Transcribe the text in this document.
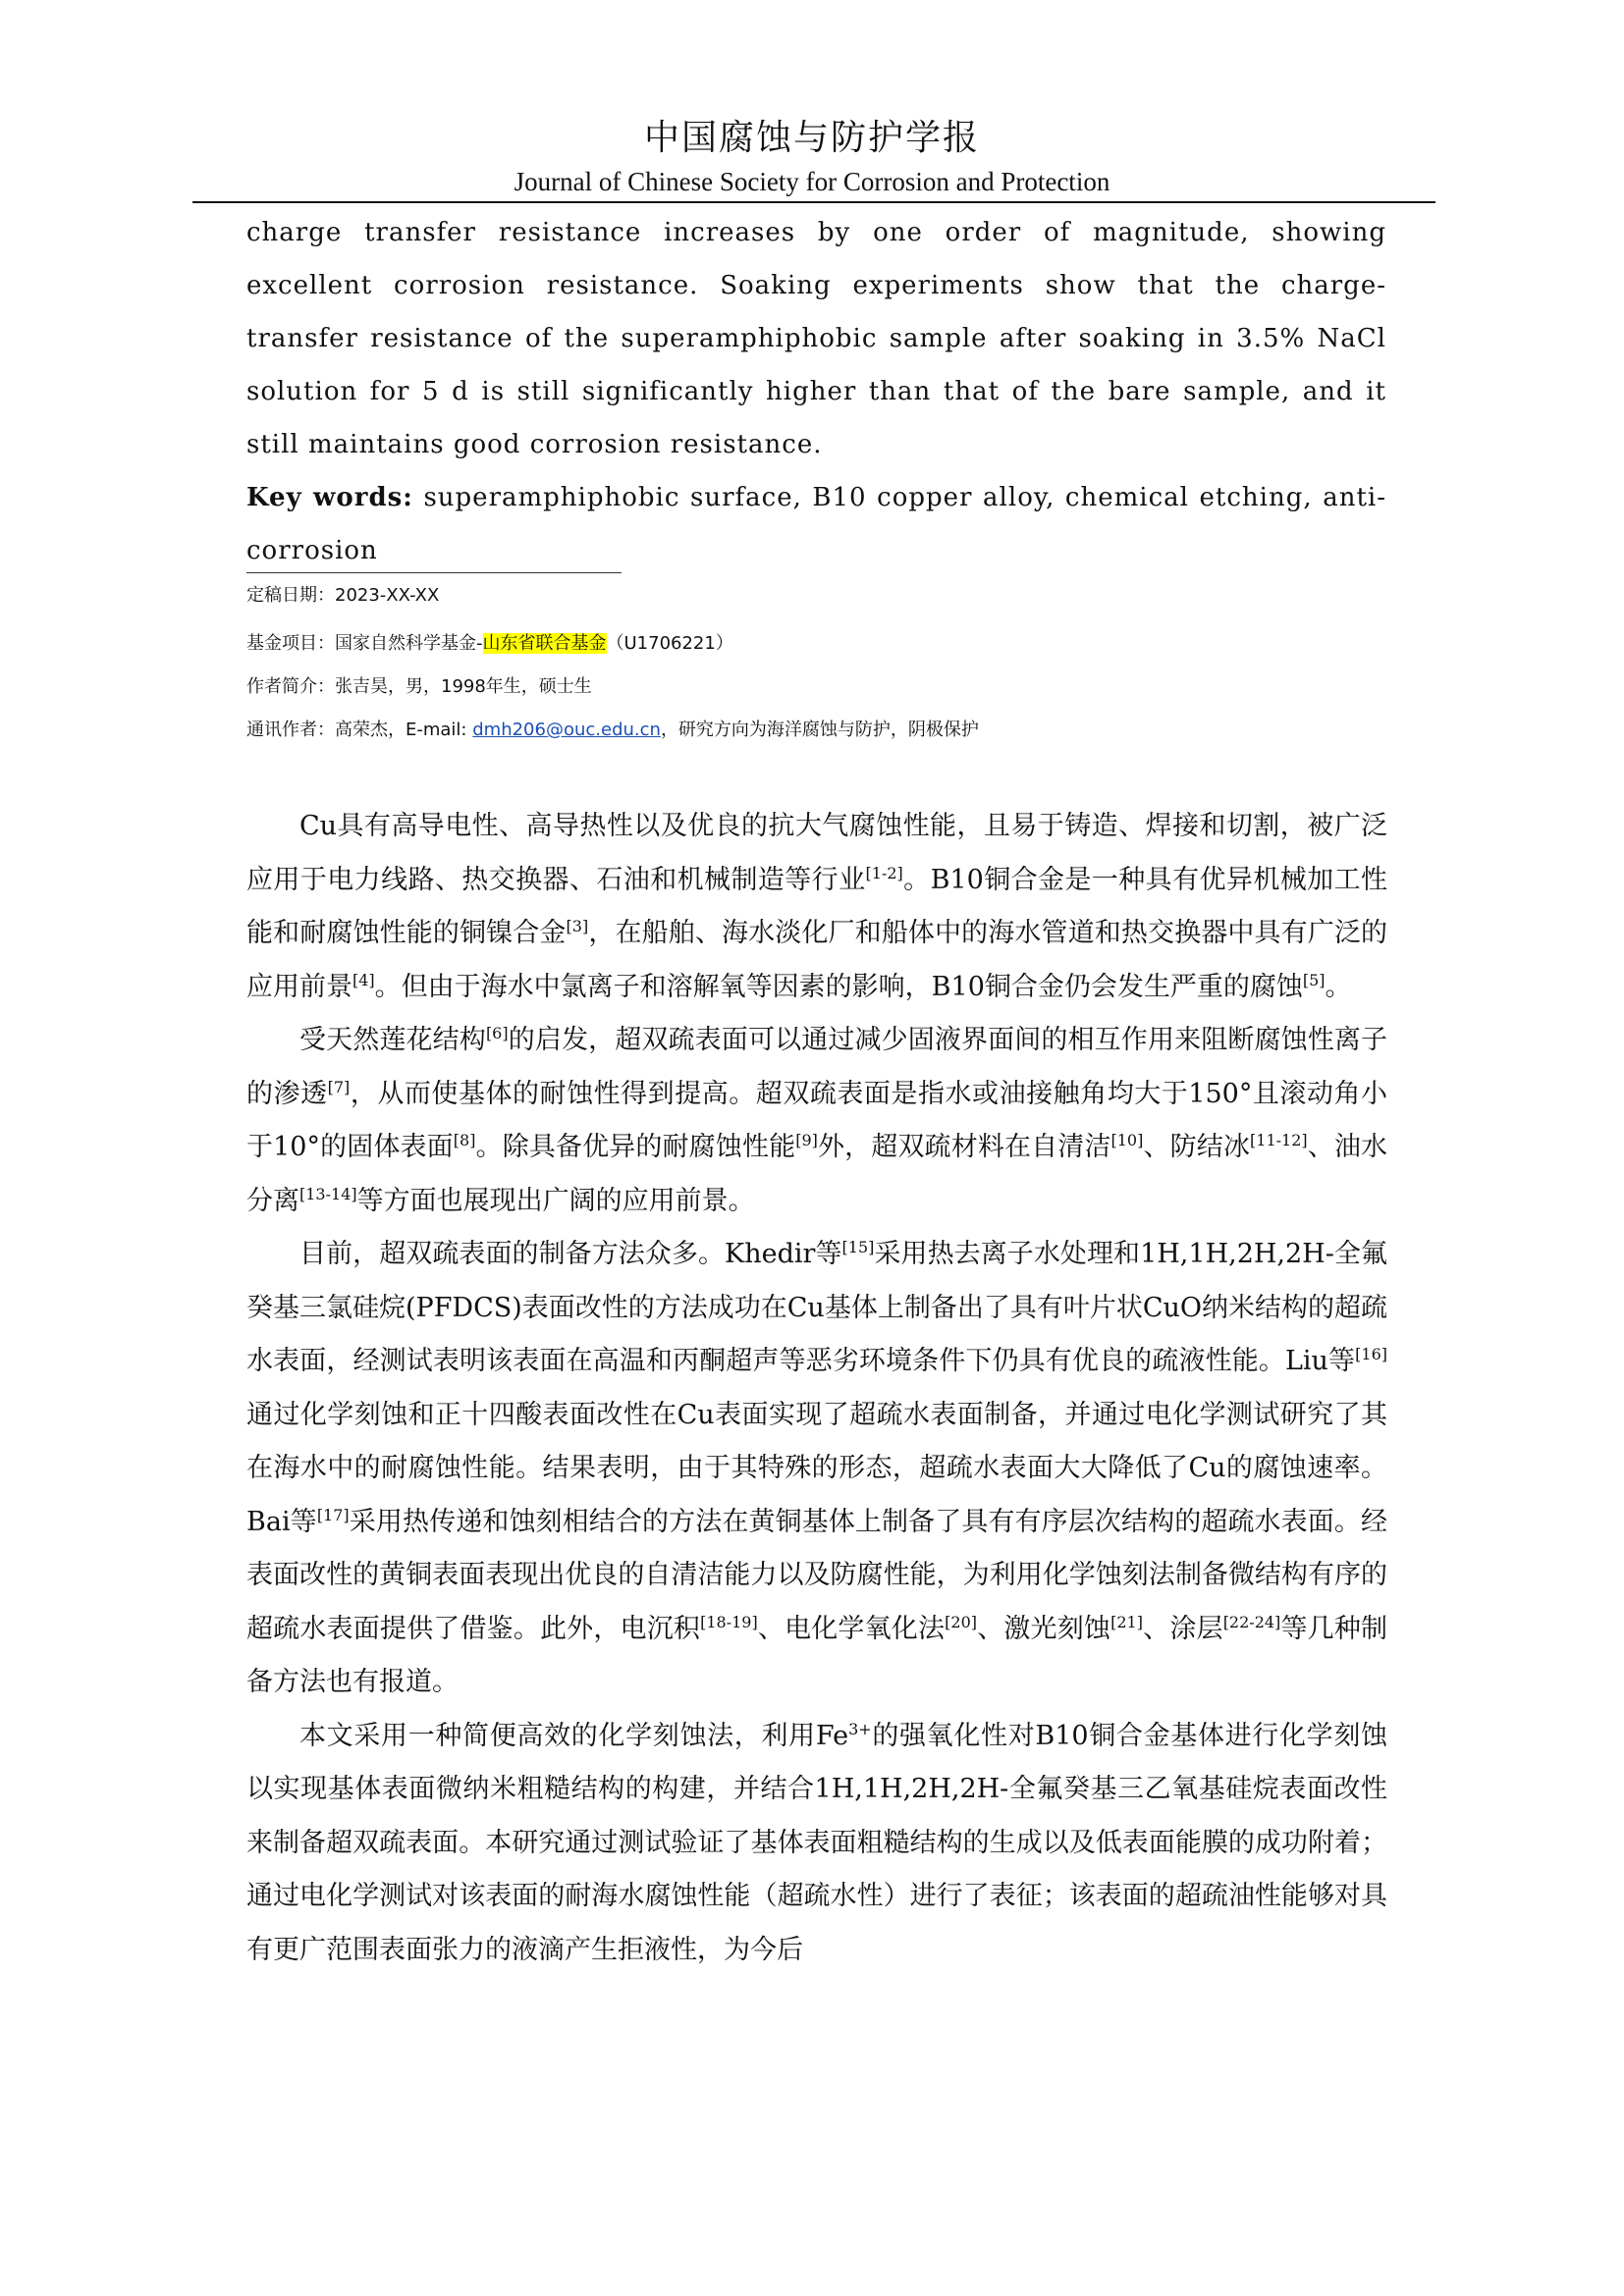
中国腐蚀与防护学报
Journal of Chinese Society for Corrosion and Protection

charge transfer resistance increases by one order of magnitude, showing excellent corrosion resistance. Soaking experiments show that the charge-transfer resistance of the superamphiphobic sample after soaking in 3.5% NaCl solution for 5 d is still significantly higher than that of the bare sample, and it still maintains good corrosion resistance.

Key words: superamphiphobic surface, B10 copper alloy, chemical etching, anti-corrosion

定稿日期：2023-XX-XX

基金项目：国家自然科学基金-山东省联合基金（U1706221）

作者简介：张吉昊，男，1998年生，硕士生

通讯作者：高荣杰，E-mail: dmh206@ouc.edu.cn，研究方向为海洋腐蚀与防护，阴极保护

Cu具有高导电性、高导热性以及优良的抗大气腐蚀性能，且易于铸造、焊接和切割，被广泛应用于电力线路、热交换器、石油和机械制造等行业[1-2]。B10铜合金是一种具有优异机械加工性能和耐腐蚀性能的铜镍合金[3]，在船舶、海水淡化厂和船体中的海水管道和热交换器中具有广泛的应用前景[4]。但由于海水中氯离子和溶解氧等因素的影响，B10铜合金仍会发生严重的腐蚀[5]。

受天然莲花结构[6]的启发，超双疏表面可以通过减少固液界面间的相互作用来阻断腐蚀性离子的渗透[7]，从而使基体的耐蚀性得到提高。超双疏表面是指水或油接触角均大于150°且滚动角小于10°的固体表面[8]。除具备优异的耐腐蚀性能[9]外，超双疏材料在自清洁[10]、防结冰[11-12]、油水分离[13-14]等方面也展现出广阔的应用前景。

目前，超双疏表面的制备方法众多。Khedir等[15]采用热去离子水处理和1H,1H,2H,2H-全氟癸基三氯硅烷(PFDCS)表面改性的方法成功在Cu基体上制备出了具有叶片状CuO纳米结构的超疏水表面，经测试表明该表面在高温和丙酮超声等恶劣环境条件下仍具有优良的疏液性能。Liu等[16]通过化学刻蚀和正十四酸表面改性在Cu表面实现了超疏水表面制备，并通过电化学测试研究了其在海水中的耐腐蚀性能。结果表明，由于其特殊的形态，超疏水表面大大降低了Cu的腐蚀速率。Bai等[17]采用热传递和蚀刻相结合的方法在黄铜基体上制备了具有有序层次结构的超疏水表面。经表面改性的黄铜表面表现出优良的自清洁能力以及防腐性能，为利用化学蚀刻法制备微结构有序的超疏水表面提供了借鉴。此外，电沉积[18-19]、电化学氧化法[20]、激光刻蚀[21]、涂层[22-24]等几种制备方法也有报道。

本文采用一种简便高效的化学刻蚀法，利用$Fe^{3+}$的强氧化性对B10铜合金基体进行化学刻蚀以实现基体表面微纳米粗糙结构的构建，并结合1H,1H,2H,2H-全氟癸基三乙氧基硅烷表面改性来制备超双疏表面。本研究通过测试验证了基体表面粗糙结构的生成以及低表面能膜的成功附着；通过电化学测试对该表面的耐海水腐蚀性能（超疏水性）进行了表征；该表面的超疏油性能够对具有更广范围表面张力的液滴产生拒液性，为今后
